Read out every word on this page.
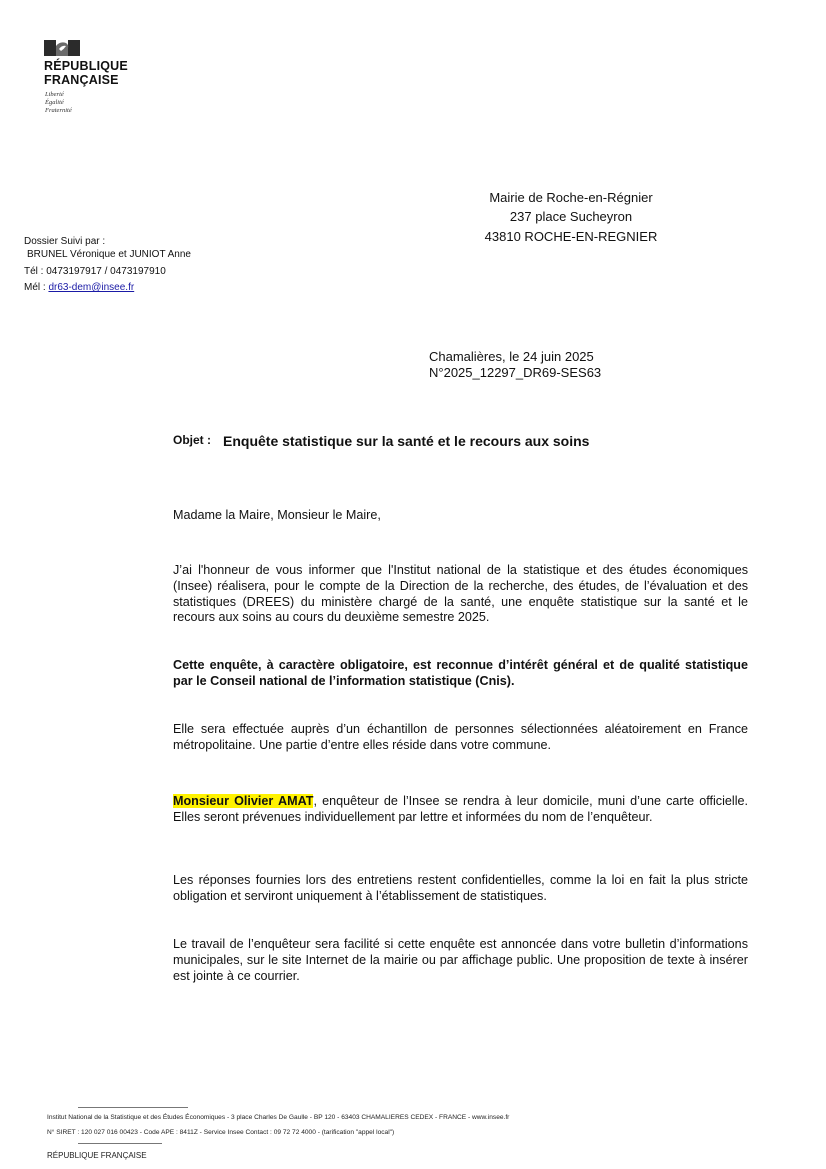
RÉPUBLIQUE
FRANÇAISE
Liberté
Égalité
Fraternité
Mairie de Roche-en-Régnier
237 place Sucheyron
43810 ROCHE-EN-REGNIER
Dossier Suivi par :
BRUNEL Véronique et JUNIOT Anne
Tél : 0473197917 / 0473197910
Mél : dr63-dem@insee.fr
Chamalières, le 24 juin 2025
N°2025_12297_DR69-SES63
Objet : Enquête statistique sur la santé et le recours aux soins
Madame la Maire, Monsieur le Maire,
J’ai l'honneur de vous informer que l'Institut national de la statistique et des études économiques (Insee) réalisera, pour le compte de la Direction de la recherche, des études, de l’évaluation et des statistiques (DREES) du ministère chargé de la santé, une enquête statistique sur la santé et le recours aux soins au cours du deuxième semestre 2025.
Cette enquête, à caractère obligatoire, est reconnue d’intérêt général et de qualité statistique par le Conseil national de l’information statistique (Cnis).
Elle sera effectuée auprès d’un échantillon de personnes sélectionnées aléatoirement en France métropolitaine. Une partie d’entre elles réside dans votre commune.
Monsieur Olivier AMAT, enquêteur de l’Insee se rendra à leur domicile, muni d’une carte officielle. Elles seront prévenues individuellement par lettre et informées du nom de l’enquêteur.
Les réponses fournies lors des entretiens restent confidentielles, comme la loi en fait la plus stricte obligation et serviront uniquement à l’établissement de statistiques.
Le travail de l’enquêteur sera facilité si cette enquête est annoncée dans votre bulletin d’informations municipales, sur le site Internet de la mairie ou par affichage public. Une proposition de texte à insérer est jointe à ce courrier.
Institut National de la Statistique et des Études Économiques - 3 place Charles De Gaulle - BP 120 - 63403 CHAMALIERES CEDEX - FRANCE - www.insee.fr
N° SIRET : 120 027 016 00423 - Code APE : 8411Z - Service Insee Contact : 09 72 72 4000 - (tarification "appel local")
RÉPUBLIQUE FRANÇAISE
